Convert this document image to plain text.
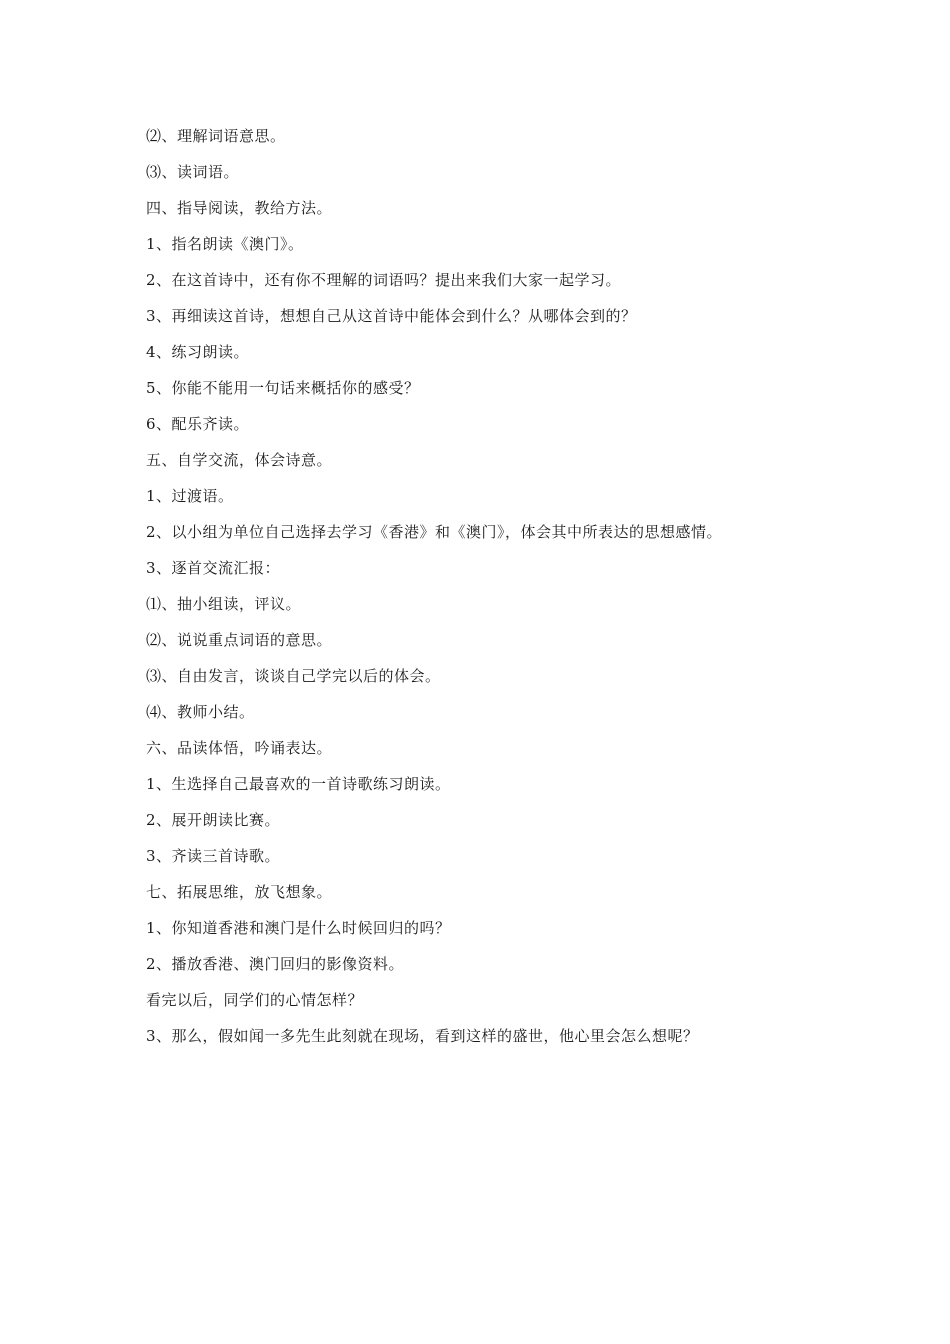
⑵、理解词语意思。
⑶、读词语。
四、指导阅读，教给方法。
1、指名朗读《澳门》。
2、在这首诗中，还有你不理解的词语吗？提出来我们大家一起学习。
3、再细读这首诗，想想自己从这首诗中能体会到什么？从哪体会到的？
4、练习朗读。
5、你能不能用一句话来概括你的感受？
6、配乐齐读。
五、自学交流，体会诗意。
1、过渡语。
2、以小组为单位自己选择去学习《香港》和《澳门》，体会其中所表达的思想感情。
3、逐首交流汇报：
⑴、抽小组读，评议。
⑵、说说重点词语的意思。
⑶、自由发言，谈谈自己学完以后的体会。
⑷、教师小结。
六、品读体悟，吟诵表达。
1、生选择自己最喜欢的一首诗歌练习朗读。
2、展开朗读比赛。
3、齐读三首诗歌。
七、拓展思维，放飞想象。
1、你知道香港和澳门是什么时候回归的吗？
2、播放香港、澳门回归的影像资料。
看完以后，同学们的心情怎样？
3、那么，假如闻一多先生此刻就在现场，看到这样的盛世，他心里会怎么想呢？
